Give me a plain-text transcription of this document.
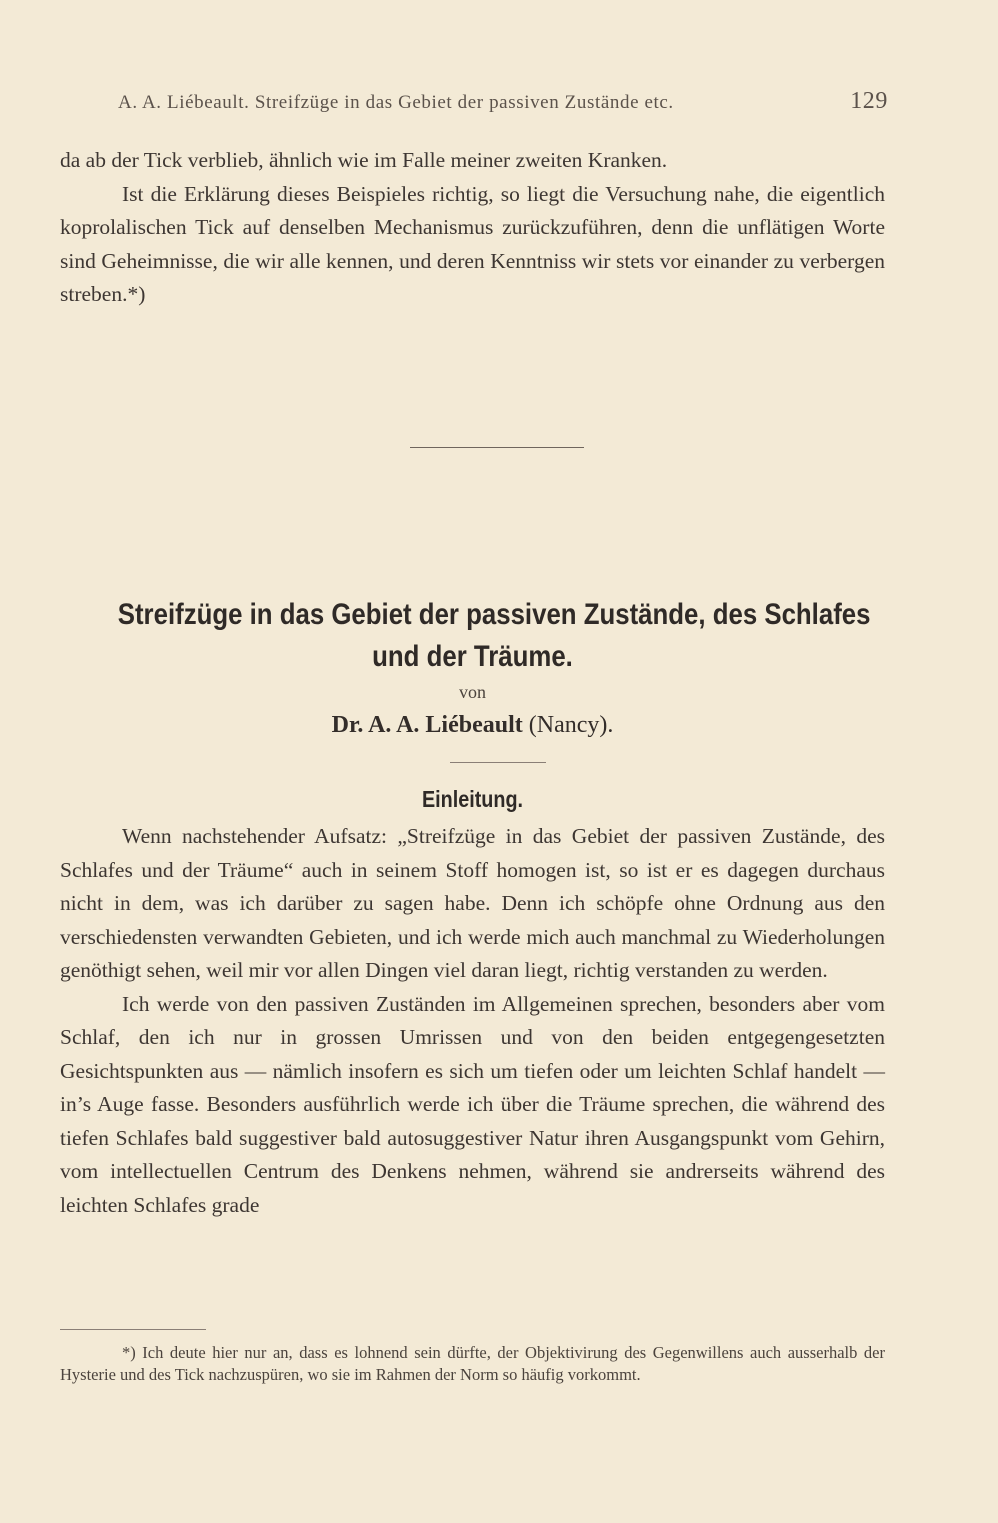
A. A. Liébeault. Streifzüge in das Gebiet der passiven Zustände etc.	129

da ab der Tick verblieb, ähnlich wie im Falle meiner zweiten Kranken.

Ist die Erklärung dieses Beispieles richtig, so liegt die Versuchung nahe, die eigentlich koprolalischen Tick auf denselben Mechanismus zurückzuführen, denn die unflätigen Worte sind Geheimnisse, die wir alle kennen, und deren Kenntniss wir stets vor einander zu verbergen streben.*)

Streifzüge in das Gebiet der passiven Zustände, des Schlafes
und der Träume.
von
Dr. A. A. Liébeault (Nancy).
Einleitung.

Wenn nachstehender Aufsatz: „Streifzüge in das Gebiet der passiven Zustände, des Schlafes und der Träume“ auch in seinem Stoff homogen ist, so ist er es dagegen durchaus nicht in dem, was ich darüber zu sagen habe. Denn ich schöpfe ohne Ordnung aus den verschiedensten verwandten Gebieten, und ich werde mich auch manchmal zu Wiederholungen genöthigt sehen, weil mir vor allen Dingen viel daran liegt, richtig verstanden zu werden.

Ich werde von den passiven Zuständen im Allgemeinen sprechen, besonders aber vom Schlaf, den ich nur in grossen Umrissen und von den beiden entgegengesetzten Gesichtspunkten aus — nämlich insofern es sich um tiefen oder um leichten Schlaf handelt — in’s Auge fasse. Besonders ausführlich werde ich über die Träume sprechen, die während des tiefen Schlafes bald suggestiver bald autosuggestiver Natur ihren Ausgangspunkt vom Gehirn, vom intellectuellen Centrum des Denkens nehmen, während sie andrerseits während des leichten Schlafes grade

*) Ich deute hier nur an, dass es lohnend sein dürfte, der Objektivirung des Gegenwillens auch ausserhalb der Hysterie und des Tick nachzuspüren, wo sie im Rahmen der Norm so häufig vorkommt.
